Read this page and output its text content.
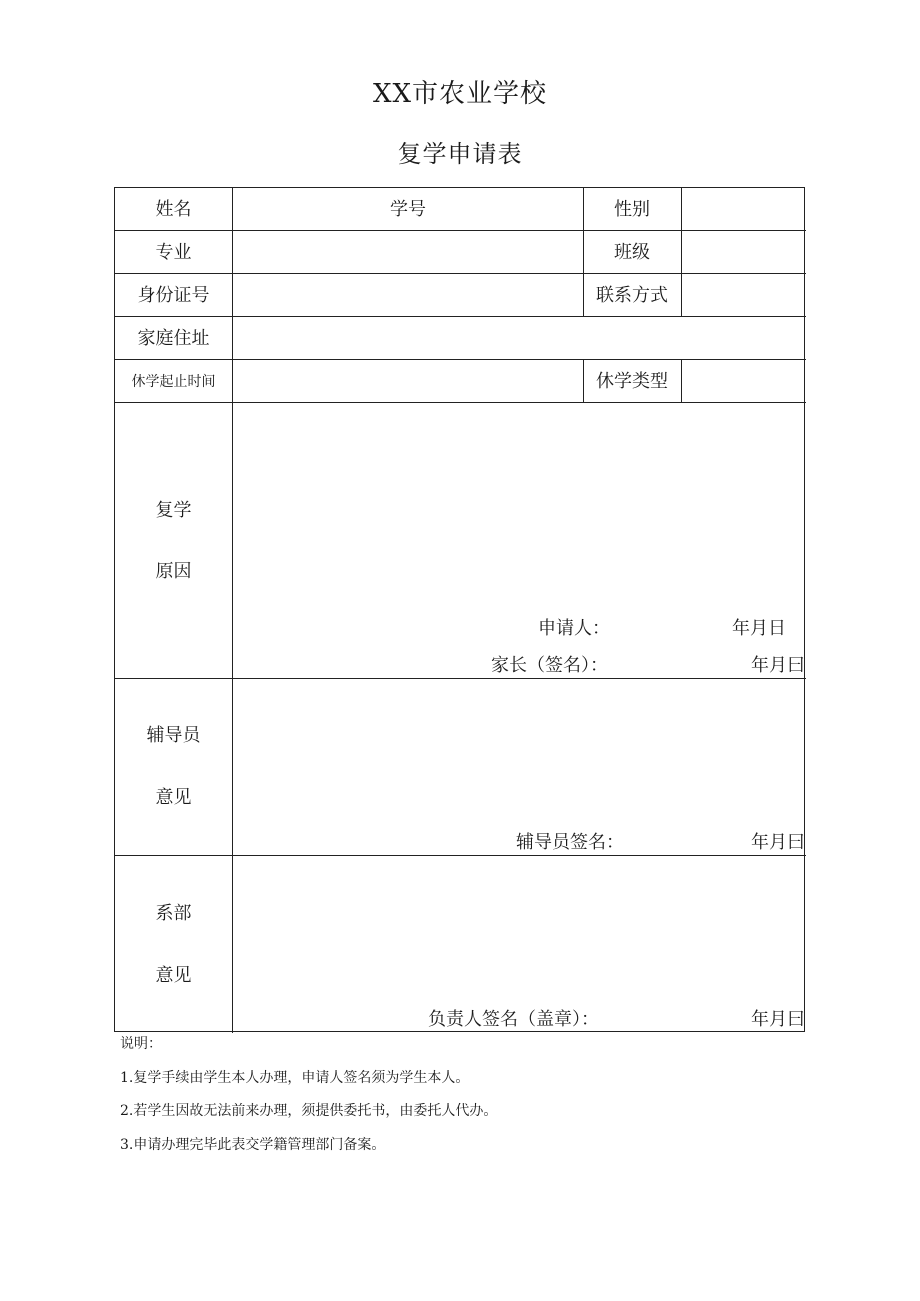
XX市农业学校
复学申请表
姓名	学号	性别
专业	班级
身份证号	联系方式
家庭住址
休学起止时间	休学类型
复学
原因
申请人：	年月日
家长（签名）：	年月曰
辅导员
意见
辅导员签名：	年月曰
系部
意见
负责人签名（盖章）：	年月曰
说明：
1.复学手续由学生本人办理，申请人签名须为学生本人。
2.若学生因故无法前来办理，须提供委托书，由委托人代办。
3.申请办理完毕此表交学籍管理部门备案。
